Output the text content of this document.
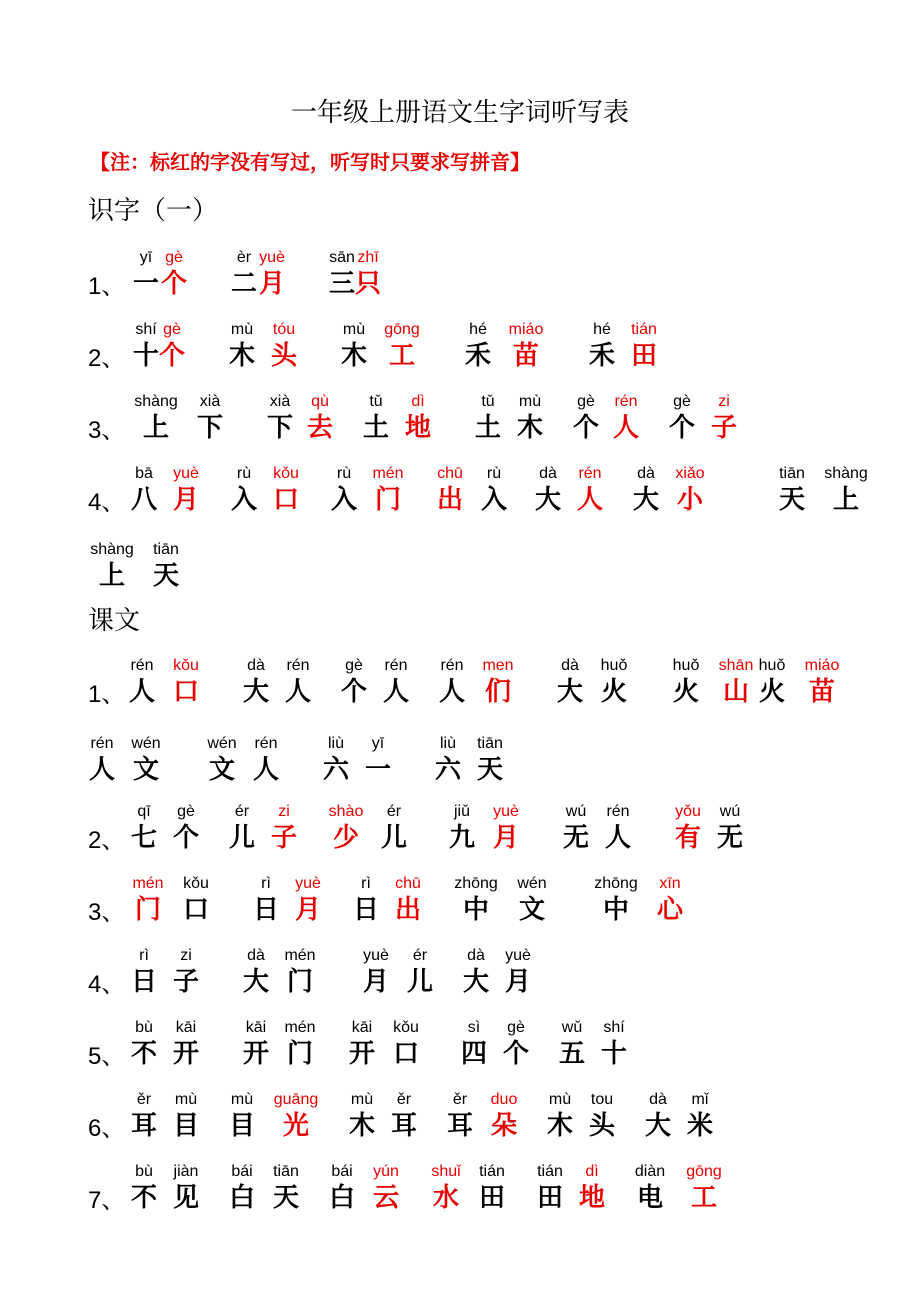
一年级上册语文生字词听写表
【注：标红的字没有写过，听写时只要求写拼音】
识字（一）
课文
1、
yī
一
gè
个
èr
二
yuè
月
sān
三
zhī
只
2、
shí
十
gè
个
mù
木
tóu
头
mù
木
gōng
工
hé
禾
miáo
苗
hé
禾
tián
田
3、
shàng
上
xià
下
xià
下
qù
去
tǔ
土
dì
地
tǔ
土
mù
木
gè
个
rén
人
gè
个
zi
子
4、
bā
八
yuè
月
rù
入
kǒu
口
rù
入
mén
门
chū
出
rù
入
dà
大
rén
人
dà
大
xiǎo
小
tiān
天
shàng
上
shàng
上
tiān
天
1、
rén
人
kǒu
口
dà
大
rén
人
gè
个
rén
人
rén
人
men
们
dà
大
huǒ
火
huǒ
火
shān
山
huǒ
火
miáo
苗
rén
人
wén
文
wén
文
rén
人
liù
六
yī
一
liù
六
tiān
天
2、
qī
七
gè
个
ér
儿
zi
子
shào
少
ér
儿
jiǔ
九
yuè
月
wú
无
rén
人
yǒu
有
wú
无
3、
mén
门
kǒu
口
rì
日
yuè
月
rì
日
chū
出
zhōng
中
wén
文
zhōng
中
xīn
心
4、
rì
日
zi
子
dà
大
mén
门
yuè
月
ér
儿
dà
大
yuè
月
5、
bù
不
kāi
开
kāi
开
mén
门
kāi
开
kǒu
口
sì
四
gè
个
wǔ
五
shí
十
6、
ěr
耳
mù
目
mù
目
guāng
光
mù
木
ěr
耳
ěr
耳
duo
朵
mù
木
tou
头
dà
大
mǐ
米
7、
bù
不
jiàn
见
bái
白
tiān
天
bái
白
yún
云
shuǐ
水
tián
田
tián
田
dì
地
diàn
电
gōng
工
